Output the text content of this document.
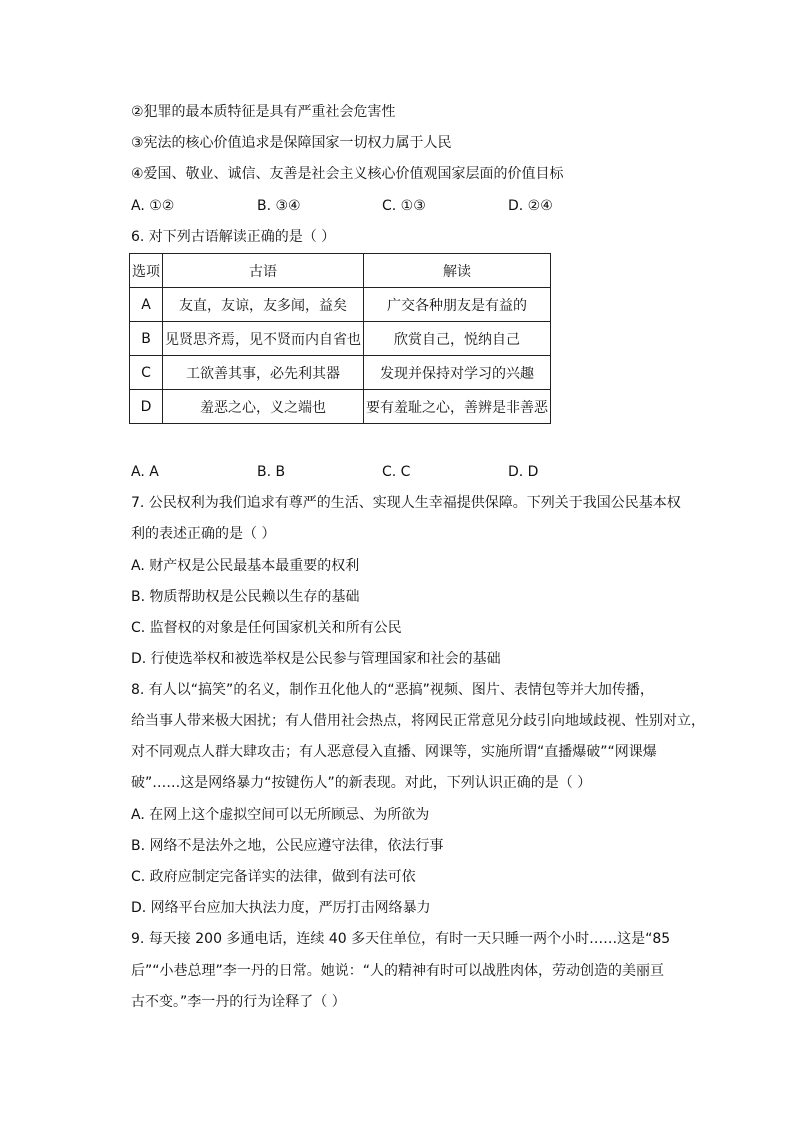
②犯罪的最本质特征是具有严重社会危害性
③宪法的核心价值追求是保障国家一切权力属于人民
④爱国、敬业、诚信、友善是社会主义核心价值观国家层面的价值目标
A. ①②	B. ③④	C. ①③	D. ②④
6. 对下列古语解读正确的是（ ）
选项	古语	解读
A	友直，友谅，友多闻，益矣	广交各种朋友是有益的
B	见贤思齐焉，见不贤而内自省也	欣赏自己，悦纳自己
C	工欲善其事，必先利其器	发现并保持对学习的兴趣
D	羞恶之心，义之端也	要有羞耻之心，善辨是非善恶
A. A	B. B	C. C	D. D
7. 公民权利为我们追求有尊严的生活、实现人生幸福提供保障。下列关于我国公民基本权
利的表述正确的是（ ）
A. 财产权是公民最基本最重要的权利
B. 物质帮助权是公民赖以生存的基础
C. 监督权的对象是任何国家机关和所有公民
D. 行使选举权和被选举权是公民参与管理国家和社会的基础
8. 有人以“搞笑”的名义，制作丑化他人的“恶搞”视频、图片、表情包等并大加传播，
给当事人带来极大困扰；有人借用社会热点，将网民正常意见分歧引向地域歧视、性别对立，
对不同观点人群大肆攻击；有人恶意侵入直播、网课等，实施所谓“直播爆破”“网课爆
破”……这是网络暴力“按键伤人”的新表现。对此，下列认识正确的是（ ）
A. 在网上这个虚拟空间可以无所顾忌、为所欲为
B. 网络不是法外之地，公民应遵守法律，依法行事
C. 政府应制定完备详实的法律，做到有法可依
D. 网络平台应加大执法力度，严厉打击网络暴力
9. 每天接 200 多通电话，连续 40 多天住单位，有时一天只睡一两个小时……这是“85
后”“小巷总理”李一丹的日常。她说：“人的精神有时可以战胜肉体，劳动创造的美丽亘
古不变。”李一丹的行为诠释了（ ）
